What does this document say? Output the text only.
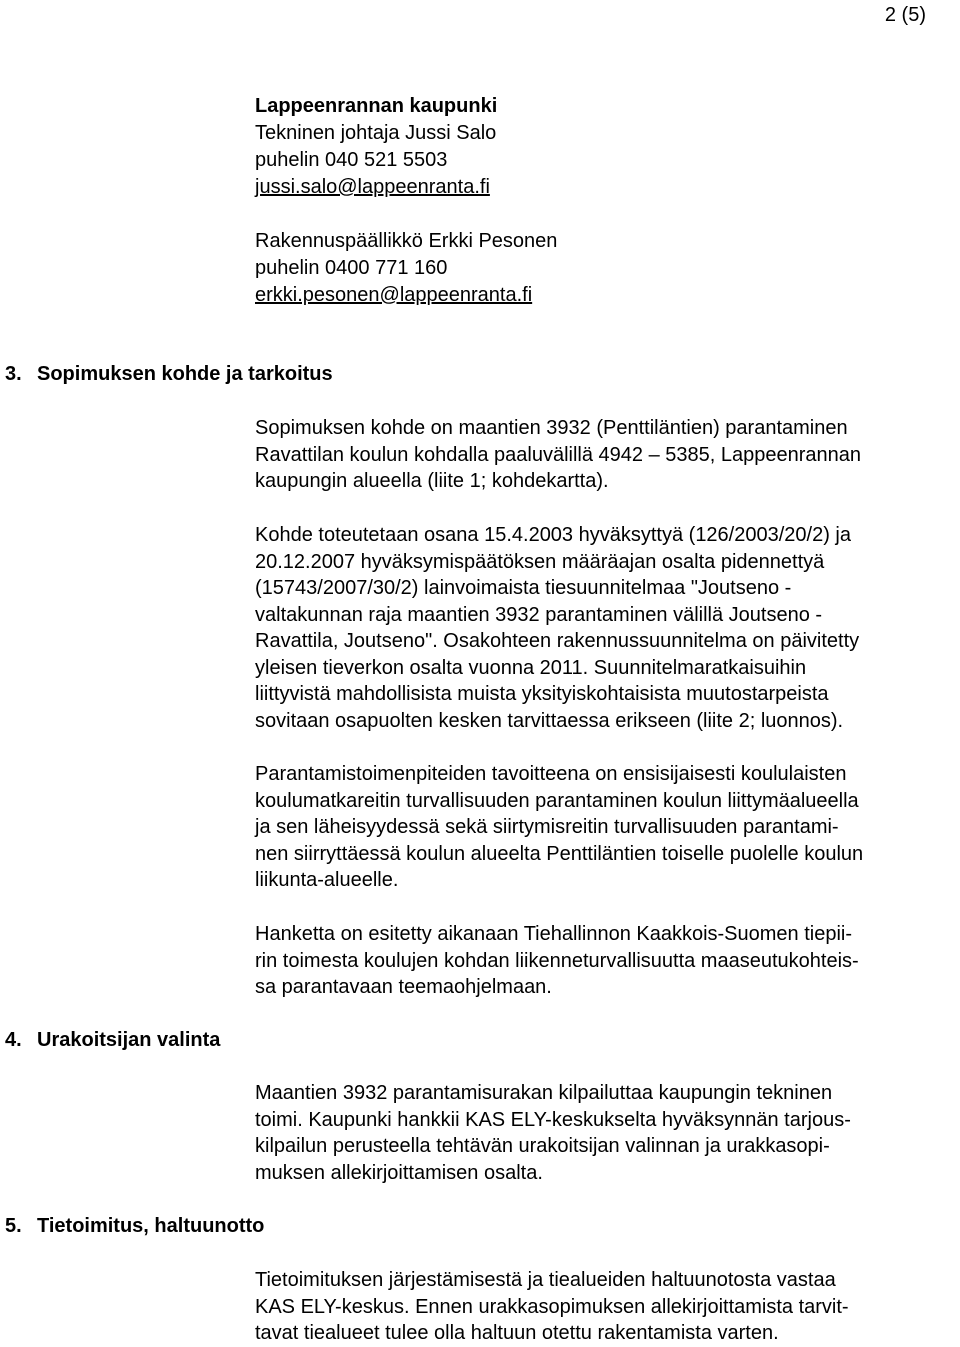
2 (5)
Lappeenrannan kaupunki
Tekninen johtaja Jussi Salo
puhelin 040 521 5503
jussi.salo@lappeenranta.fi
Rakennuspäällikkö Erkki Pesonen
puhelin 0400 771 160
erkki.pesonen@lappeenranta.fi
3. Sopimuksen kohde ja tarkoitus
Sopimuksen kohde on maantien 3932 (Penttiläntien) parantaminen
Ravattilan koulun kohdalla paaluvälillä 4942 – 5385, Lappeenrannan
kaupungin alueella (liite 1; kohdekartta).
Kohde toteutetaan osana 15.4.2003 hyväksyttyä (126/2003/20/2) ja
20.12.2007 hyväksymispäätöksen määräajan osalta pidennettyä
(15743/2007/30/2) lainvoimaista tiesuunnitelmaa "Joutseno -
valtakunnan raja maantien 3932 parantaminen välillä Joutseno -
Ravattila, Joutseno". Osakohteen rakennussuunnitelma on päivitetty
yleisen tieverkon osalta vuonna 2011. Suunnitelmaratkaisuihin
liittyvistä mahdollisista muista yksityiskohtaisista muutostarpeista
sovitaan osapuolten kesken tarvittaessa erikseen (liite 2; luonnos).
Parantamistoimenpiteiden tavoitteena on ensisijaisesti koululaisten
koulumatkareitin turvallisuuden parantaminen koulun liittymäalueella
ja sen läheisyydessä sekä siirtymisreitin turvallisuuden parantami-
nen siirryttäessä koulun alueelta Penttiläntien toiselle puolelle koulun
liikunta-alueelle.
Hanketta on esitetty aikanaan Tiehallinnon Kaakkois-Suomen tiepii-
rin toimesta koulujen kohdan liikenneturvallisuutta maaseutukohteis-
sa parantavaan teemaohjelmaan.
4. Urakoitsijan valinta
Maantien 3932 parantamisurakan kilpailuttaa kaupungin tekninen
toimi. Kaupunki hankkii KAS ELY-keskukselta hyväksynnän tarjous-
kilpailun perusteella tehtävän urakoitsijan valinnan ja urakkasopi-
muksen allekirjoittamisen osalta.
5. Tietoimitus, haltuunotto
Tietoimituksen järjestämisestä ja tiealueiden haltuunotosta vastaa
KAS ELY-keskus. Ennen urakkasopimuksen allekirjoittamista tarvit-
tavat tiealueet tulee olla haltuun otettu rakentamista varten.
